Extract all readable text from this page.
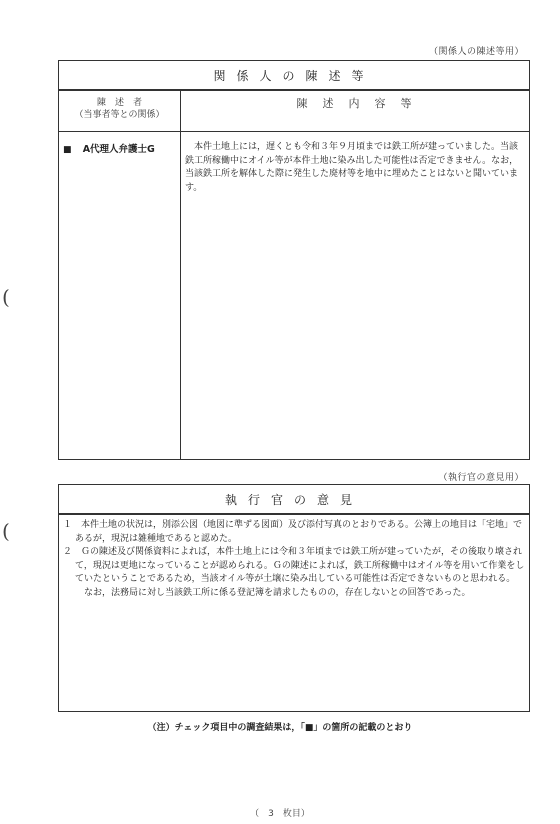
（関係人の陳述等用）
関係人の陳述等
陳　述　者
（当事者等との関係）
陳　述　内　容　等
■ A代理人弁護士G	　本件土地上には，遅くとも令和３年９月頃までは鉄工所が建っていました。当該鉄工所稼働中にオイル等が本件土地に染み出した可能性は否定できません。なお，当該鉄工所を解体した際に発生した廃材等を地中に埋めたことはないと聞いています。
(
(
（執行官の意見用）
執行官の意見
１　本件土地の状況は，別添公図（地図に準ずる図面）及び添付写真のとおりである。公簿上の地目は「宅地」であるが，現況は雑種地であると認めた。
２　Ｇの陳述及び関係資料によれば，本件土地上には令和３年頃までは鉄工所が建っていたが，その後取り壊されて，現況は更地になっていることが認められる。Ｇの陳述によれば，鉄工所稼働中はオイル等を用いて作業をしていたということであるため，当該オイル等が土壌に染み出している可能性は否定できないものと思われる。
　なお，法務局に対し当該鉄工所に係る登記簿を請求したものの，存在しないとの回答であった。
（注）チェック項目中の調査結果は，「■」の箇所の記載のとおり
（　3　枚目）
